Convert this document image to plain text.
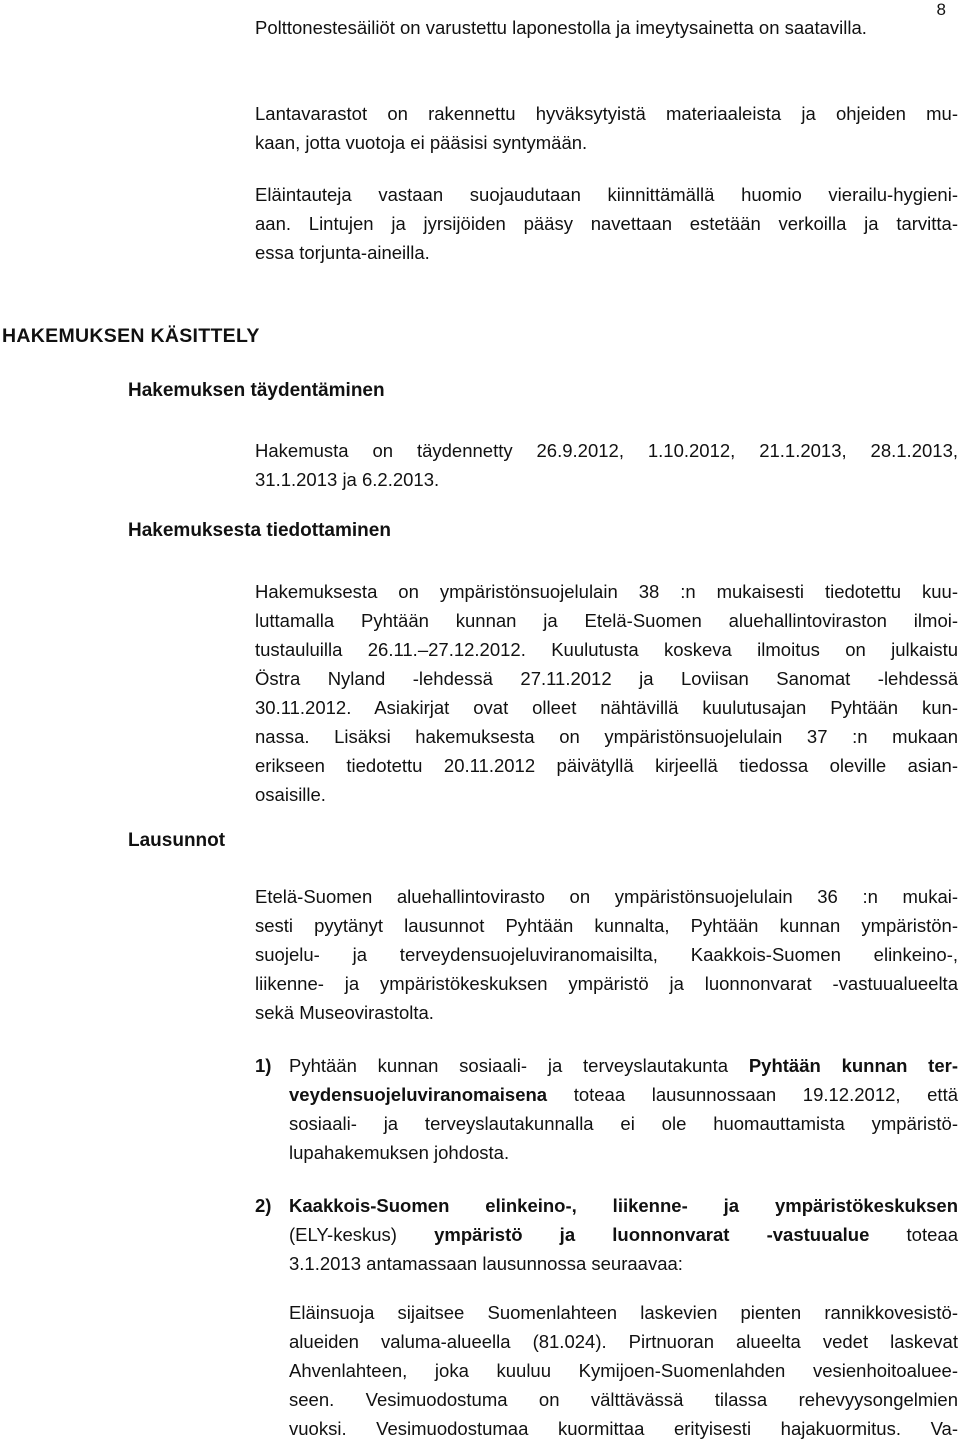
8
Polttonestesäiliöt on varustettu laponestolla ja imeytysainetta on saatavilla.
Lantavarastot on rakennettu hyväksytyistä materiaaleista ja ohjeiden mu-
kaan, jotta vuotoja ei pääsisi syntymään.
Eläintauteja vastaan suojaudutaan kiinnittämällä huomio vierailu-hygieni-
aan. Lintujen ja jyrsijöiden pääsy navettaan estetään verkoilla ja tarvitta-
essa torjunta-aineilla.
HAKEMUKSEN KÄSITTELY
Hakemuksen täydentäminen
Hakemusta on täydennetty 26.9.2012, 1.10.2012, 21.1.2013, 28.1.2013,
31.1.2013 ja 6.2.2013.
Hakemuksesta tiedottaminen
Hakemuksesta on ympäristönsuojelulain 38 :n mukaisesti tiedotettu kuu-
luttamalla Pyhtään kunnan ja Etelä-Suomen aluehallintoviraston ilmoi-
tustauluilla 26.11.–27.12.2012. Kuulutusta koskeva ilmoitus on julkaistu
Östra Nyland -lehdessä 27.11.2012 ja Loviisan Sanomat -lehdessä
30.11.2012. Asiakirjat ovat olleet nähtävillä kuulutusajan Pyhtään kun-
nassa. Lisäksi hakemuksesta on ympäristönsuojelulain 37 :n mukaan
erikseen tiedotettu 20.11.2012 päivätyllä kirjeellä tiedossa oleville asian-
osaisille.
Lausunnot
Etelä-Suomen aluehallintovirasto on ympäristönsuojelulain 36 :n mukai-
sesti pyytänyt lausunnot Pyhtään kunnalta, Pyhtään kunnan ympäristön-
suojelu- ja terveydensuojeluviranomaisilta, Kaakkois-Suomen elinkeino-,
liikenne- ja ympäristökeskuksen ympäristö ja luonnonvarat -vastuualueelta
sekä Museovirastolta.
1) Pyhtään kunnan sosiaali- ja terveyslautakunta Pyhtään kunnan ter-
veydensuojeluviranomaisena toteaa lausunnossaan 19.12.2012, että
sosiaali- ja terveyslautakunnalla ei ole huomauttamista ympäristö-
lupahakemuksen johdosta.
2) Kaakkois-Suomen elinkeino-, liikenne- ja ympäristökeskuksen
(ELY-keskus) ympäristö ja luonnonvarat -vastuualue toteaa
3.1.2013 antamassaan lausunnossa seuraavaa:
Eläinsuoja sijaitsee Suomenlahteen laskevien pienten rannikkovesistö-
alueiden valuma-alueella (81.024). Pirtnuoran alueelta vedet laskevat
Ahvenlahteen, joka kuuluu Kymijoen-Suomenlahden vesienhoitoaluee-
seen. Vesimuodostuma on välttävässä tilassa rehevyysongelmien
vuoksi. Vesimuodostumaa kuormittaa erityisesti hajakuormitus. Va-
